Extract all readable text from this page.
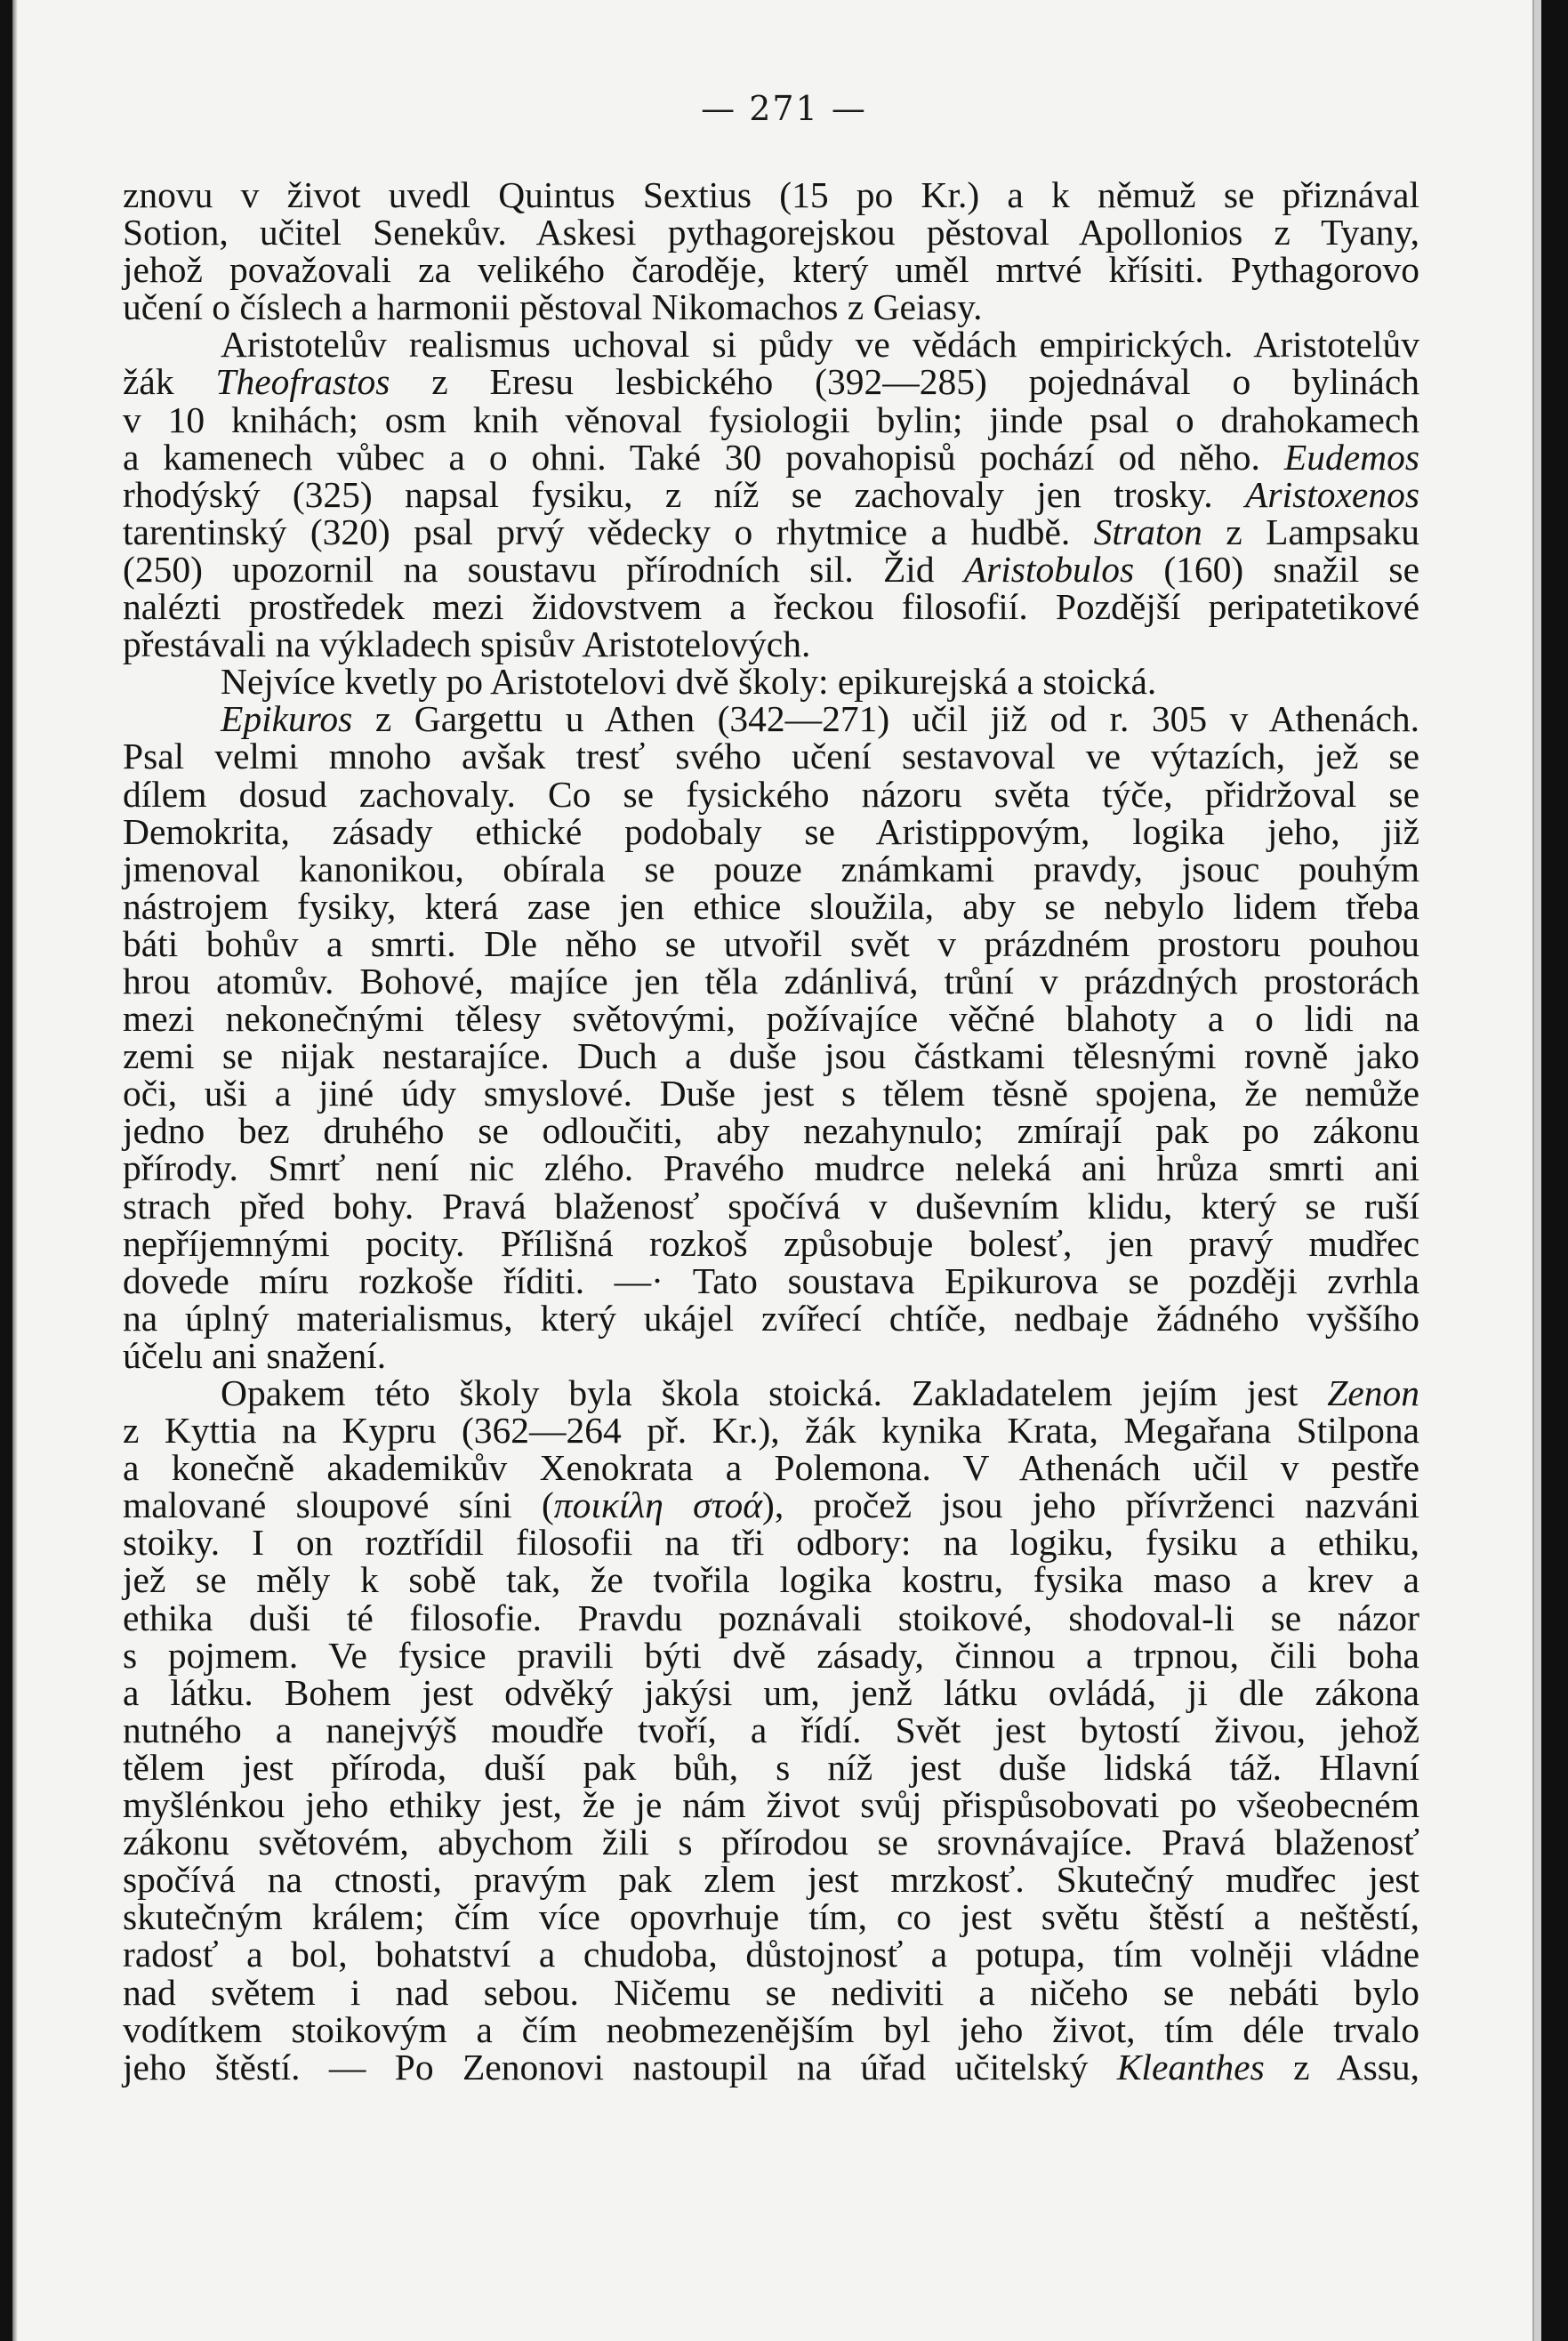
— 271 —
znovu v život uvedl Quintus Sextius (15 po Kr.) a k němuž se přiznával
Sotion, učitel Senekův. Askesi pythagorejskou pěstoval Apollonios z Tyany,
jehož považovali za velikého čaroděje, který uměl mrtvé křísiti. Pythagorovo
učení o číslech a harmonii pěstoval Nikomachos z Geiasy.
Aristotelův realismus uchoval si půdy ve vědách empirických. Aristotelův
žák Theofrastos z Eresu lesbického (392—285) pojednával o bylinách
v 10 knihách; osm knih věnoval fysiologii bylin; jinde psal o drahokamech
a kamenech vůbec a o ohni. Také 30 povahopisů pochází od něho. Eudemos
rhodýský (325) napsal fysiku, z níž se zachovaly jen trosky. Aristoxenos
tarentinský (320) psal prvý vědecky o rhytmice a hudbě. Straton z Lampsaku
(250) upozornil na soustavu přírodních sil. Žid Aristobulos (160) snažil se
nalézti prostředek mezi židovstvem a řeckou filosofií. Pozdější peripatetikové
přestávali na výkladech spisův Aristotelových.
Nejvíce kvetly po Aristotelovi dvě školy: epikurejská a stoická.
Epikuros z Gargettu u Athen (342—271) učil již od r. 305 v Athenách.
Psal velmi mnoho avšak tresť svého učení sestavoval ve výtazích, jež se
dílem dosud zachovaly. Co se fysického názoru světa týče, přidržoval se
Demokrita, zásady ethické podobaly se Aristippovým, logika jeho, již
jmenoval kanonikou, obírala se pouze známkami pravdy, jsouc pouhým
nástrojem fysiky, která zase jen ethice sloužila, aby se nebylo lidem třeba
báti bohův a smrti. Dle něho se utvořil svět v prázdném prostoru pouhou
hrou atomův. Bohové, majíce jen těla zdánlivá, trůní v prázdných prostorách
mezi nekonečnými tělesy světovými, požívajíce věčné blahoty a o lidi na
zemi se nijak nestarajíce. Duch a duše jsou částkami tělesnými rovně jako
oči, uši a jiné údy smyslové. Duše jest s tělem těsně spojena, že nemůže
jedno bez druhého se odloučiti, aby nezahynulo; zmírají pak po zákonu
přírody. Smrť není nic zlého. Pravého mudrce neleká ani hrůza smrti ani
strach před bohy. Pravá blaženosť spočívá v duševním klidu, který se ruší
nepříjemnými pocity. Přílišná rozkoš způsobuje bolesť, jen pravý mudřec
dovede míru rozkoše říditi. —· Tato soustava Epikurova se později zvrhla
na úplný materialismus, který ukájel zvířecí chtíče, nedbaje žádného vyššího
účelu ani snažení.
Opakem této školy byla škola stoická. Zakladatelem jejím jest Zenon
z Kyttia na Kypru (362—264 př. Kr.), žák kynika Krata, Megařana Stilpona
a konečně akademikův Xenokrata a Polemona. V Athenách učil v pestře
malované sloupové síni (ποικίλη στοά), pročež jsou jeho přívrženci nazváni
stoiky. I on roztřídil filosofii na tři odbory: na logiku, fysiku a ethiku,
jež se měly k sobě tak, že tvořila logika kostru, fysika maso a krev a
ethika duši té filosofie. Pravdu poznávali stoikové, shodoval-li se názor
s pojmem. Ve fysice pravili býti dvě zásady, činnou a trpnou, čili boha
a látku. Bohem jest odvěký jakýsi um, jenž látku ovládá, ji dle zákona
nutného a nanejvýš moudře tvoří, a řídí. Svět jest bytostí živou, jehož
tělem jest příroda, duší pak bůh, s níž jest duše lidská táž. Hlavní
myšlénkou jeho ethiky jest, že je nám život svůj přispůsobovati po všeobecném
zákonu světovém, abychom žili s přírodou se srovnávajíce. Pravá blaženosť
spočívá na ctnosti, pravým pak zlem jest mrzkosť. Skutečný mudřec jest
skutečným králem; čím více opovrhuje tím, co jest světu štěstí a neštěstí,
radosť a bol, bohatství a chudoba, důstojnosť a potupa, tím volněji vládne
nad světem i nad sebou. Ničemu se nediviti a ničeho se nebáti bylo
vodítkem stoikovým a čím neobmezenějším byl jeho život, tím déle trvalo
jeho štěstí. — Po Zenonovi nastoupil na úřad učitelský Kleanthes z Assu,
